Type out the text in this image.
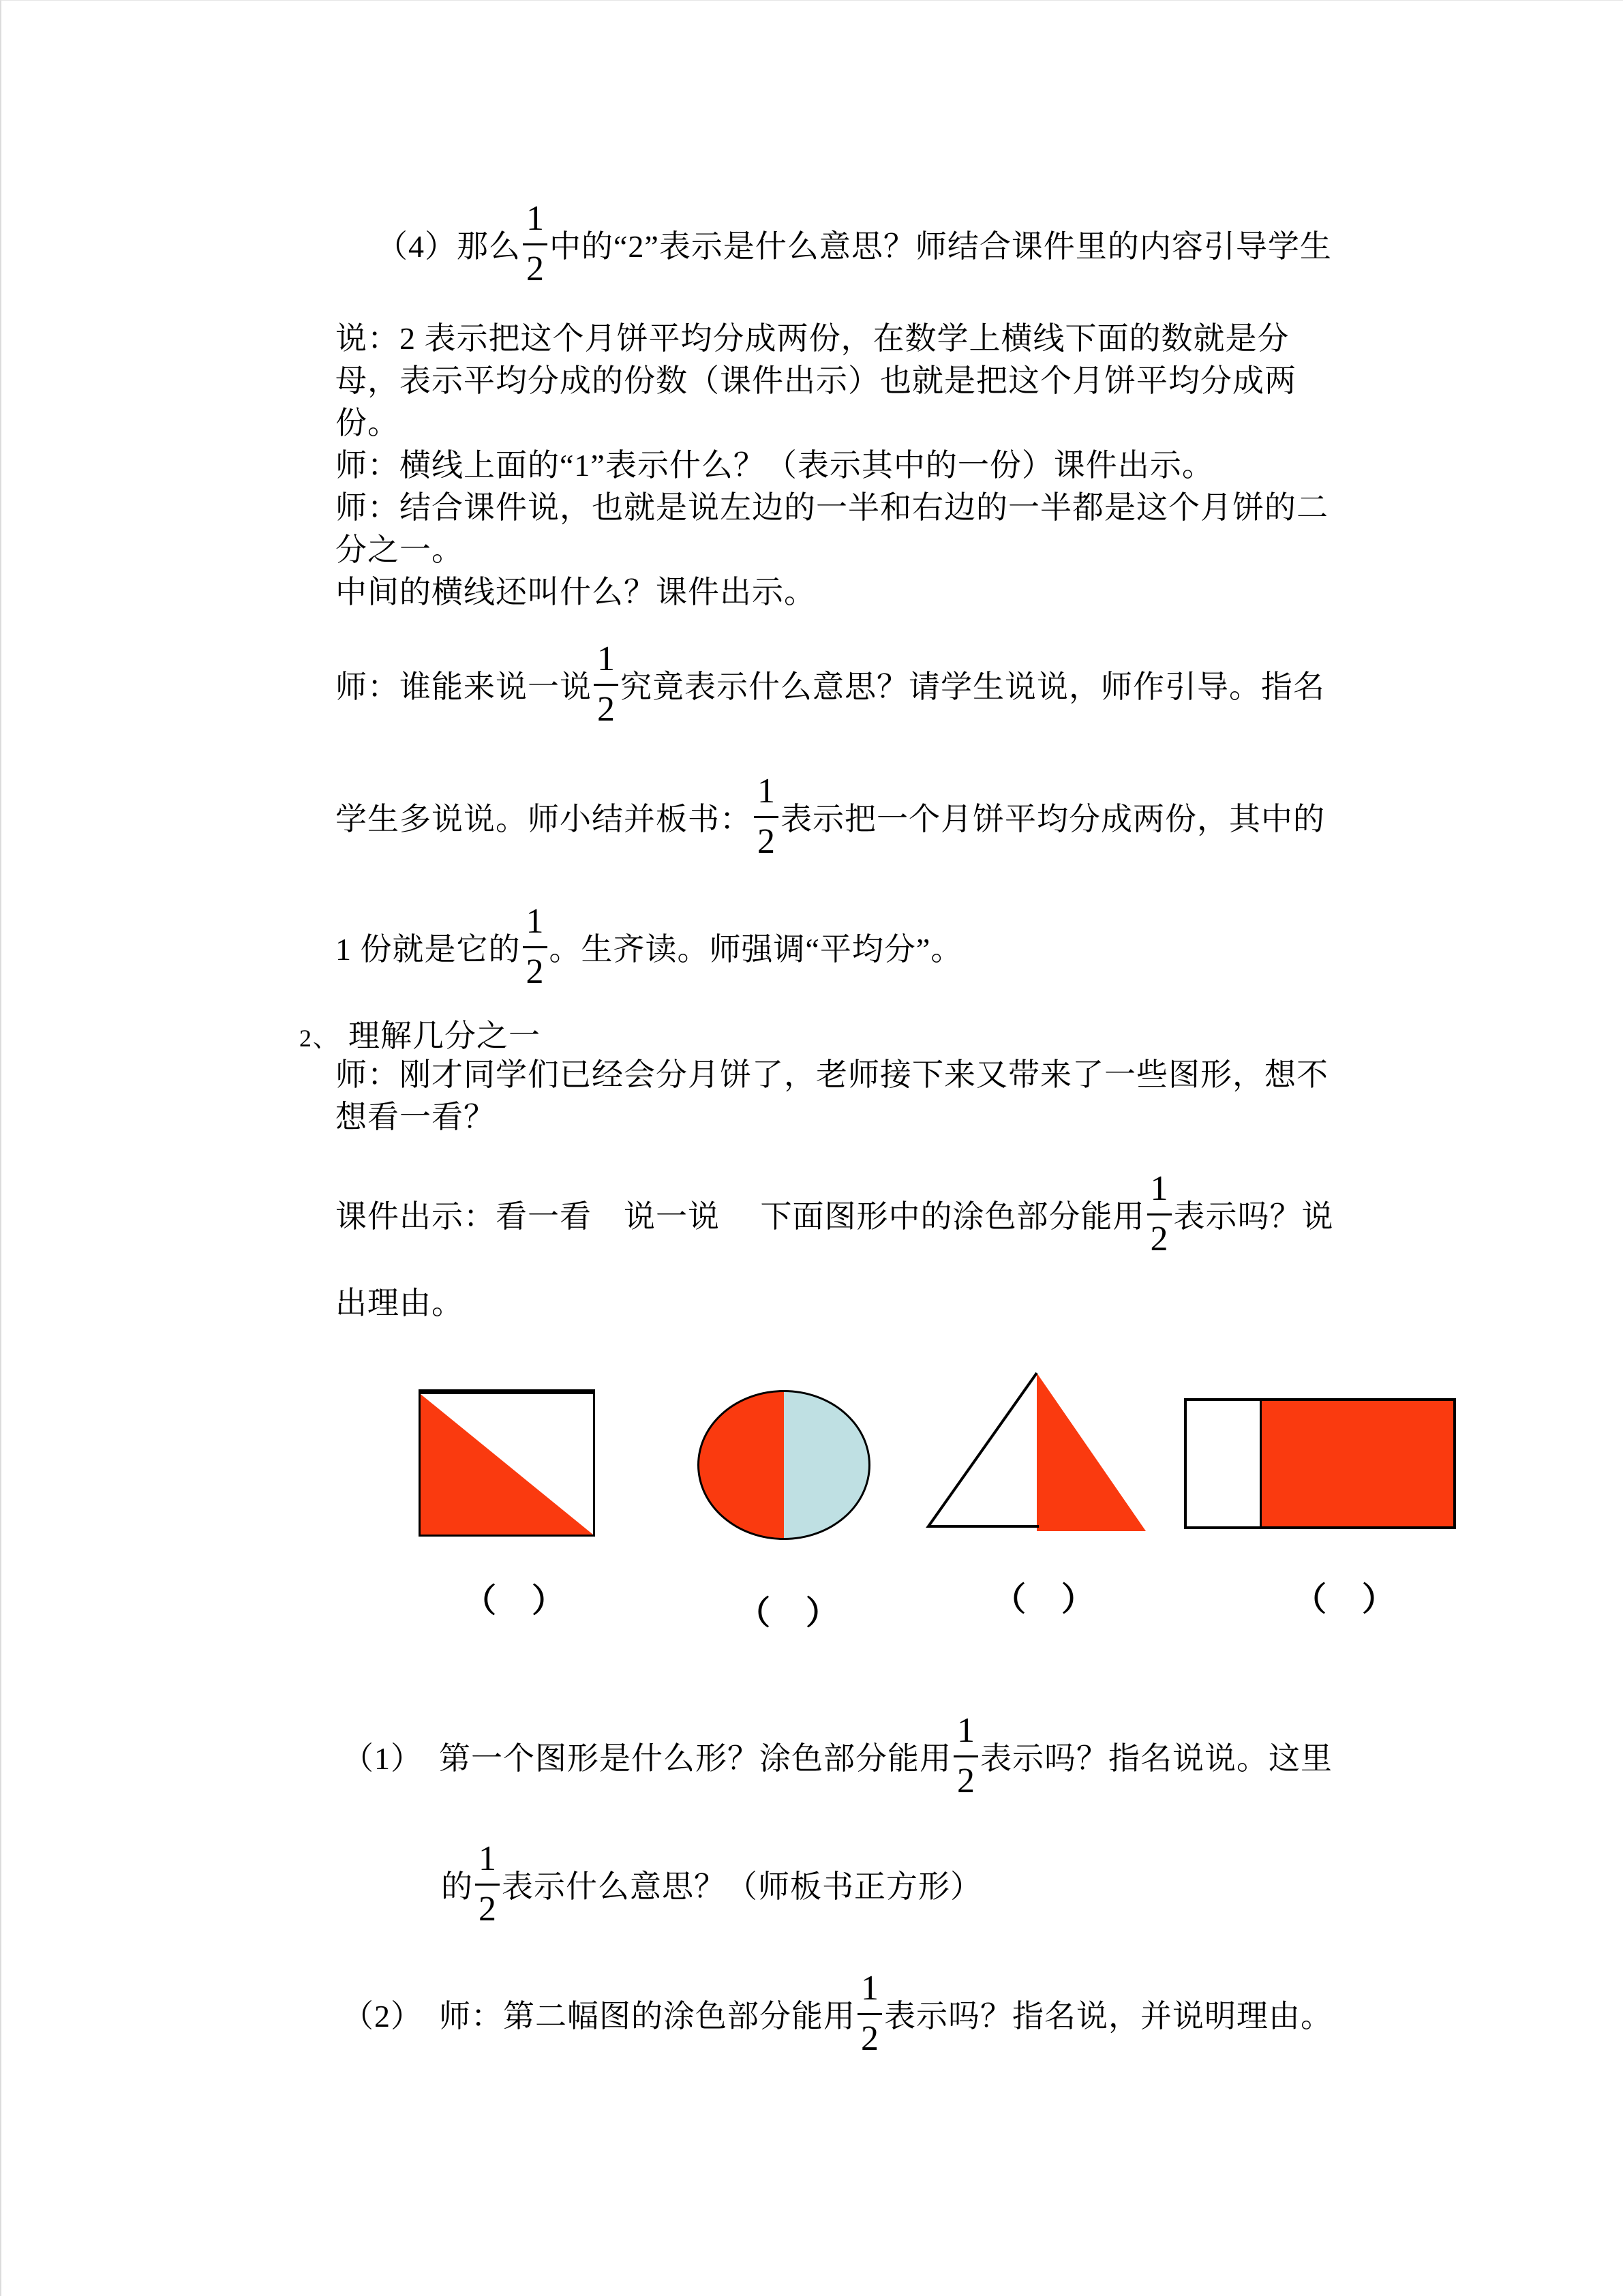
（4）那么 $\frac{1}{2}$ 中的“2”表示是什么意思？师结合课件里的内容引导学生
说：2 表示把这个月饼平均分成两份，在数学上横线下面的数就是分
母，表示平均分成的份数（课件出示）也就是把这个月饼平均分成两
份。
师：横线上面的“1”表示什么？（表示其中的一份）课件出示。
师：结合课件说，也就是说左边的一半和右边的一半都是这个月饼的二
分之一。
中间的横线还叫什么？课件出示。
师：谁能来说一说 $\frac{1}{2}$ 究竟表示什么意思？请学生说说，师作引导。指名
学生多说说。师小结并板书： $\frac{1}{2}$ 表示把一个月饼平均分成两份，其中的
1 份就是它的 $\frac{1}{2}$ 。生齐读。师强调“平均分”。
2、 理解几分之一
师：刚才同学们已经会分月饼了，老师接下来又带来了一些图形，想不
想看一看？
课件出示：看一看　说一说　 下面图形中的涂色部分能用 $\frac{1}{2}$ 表示吗？说
出理由。
（　）	（　）	（　）	（　）
（1）　第一个图形是什么形？涂色部分能用 $\frac{1}{2}$ 表示吗？指名说说。这里
的 $\frac{1}{2}$ 表示什么意思？（师板书正方形）
（2）　师：第二幅图的涂色部分能用 $\frac{1}{2}$ 表示吗？指名说，并说明理由。
